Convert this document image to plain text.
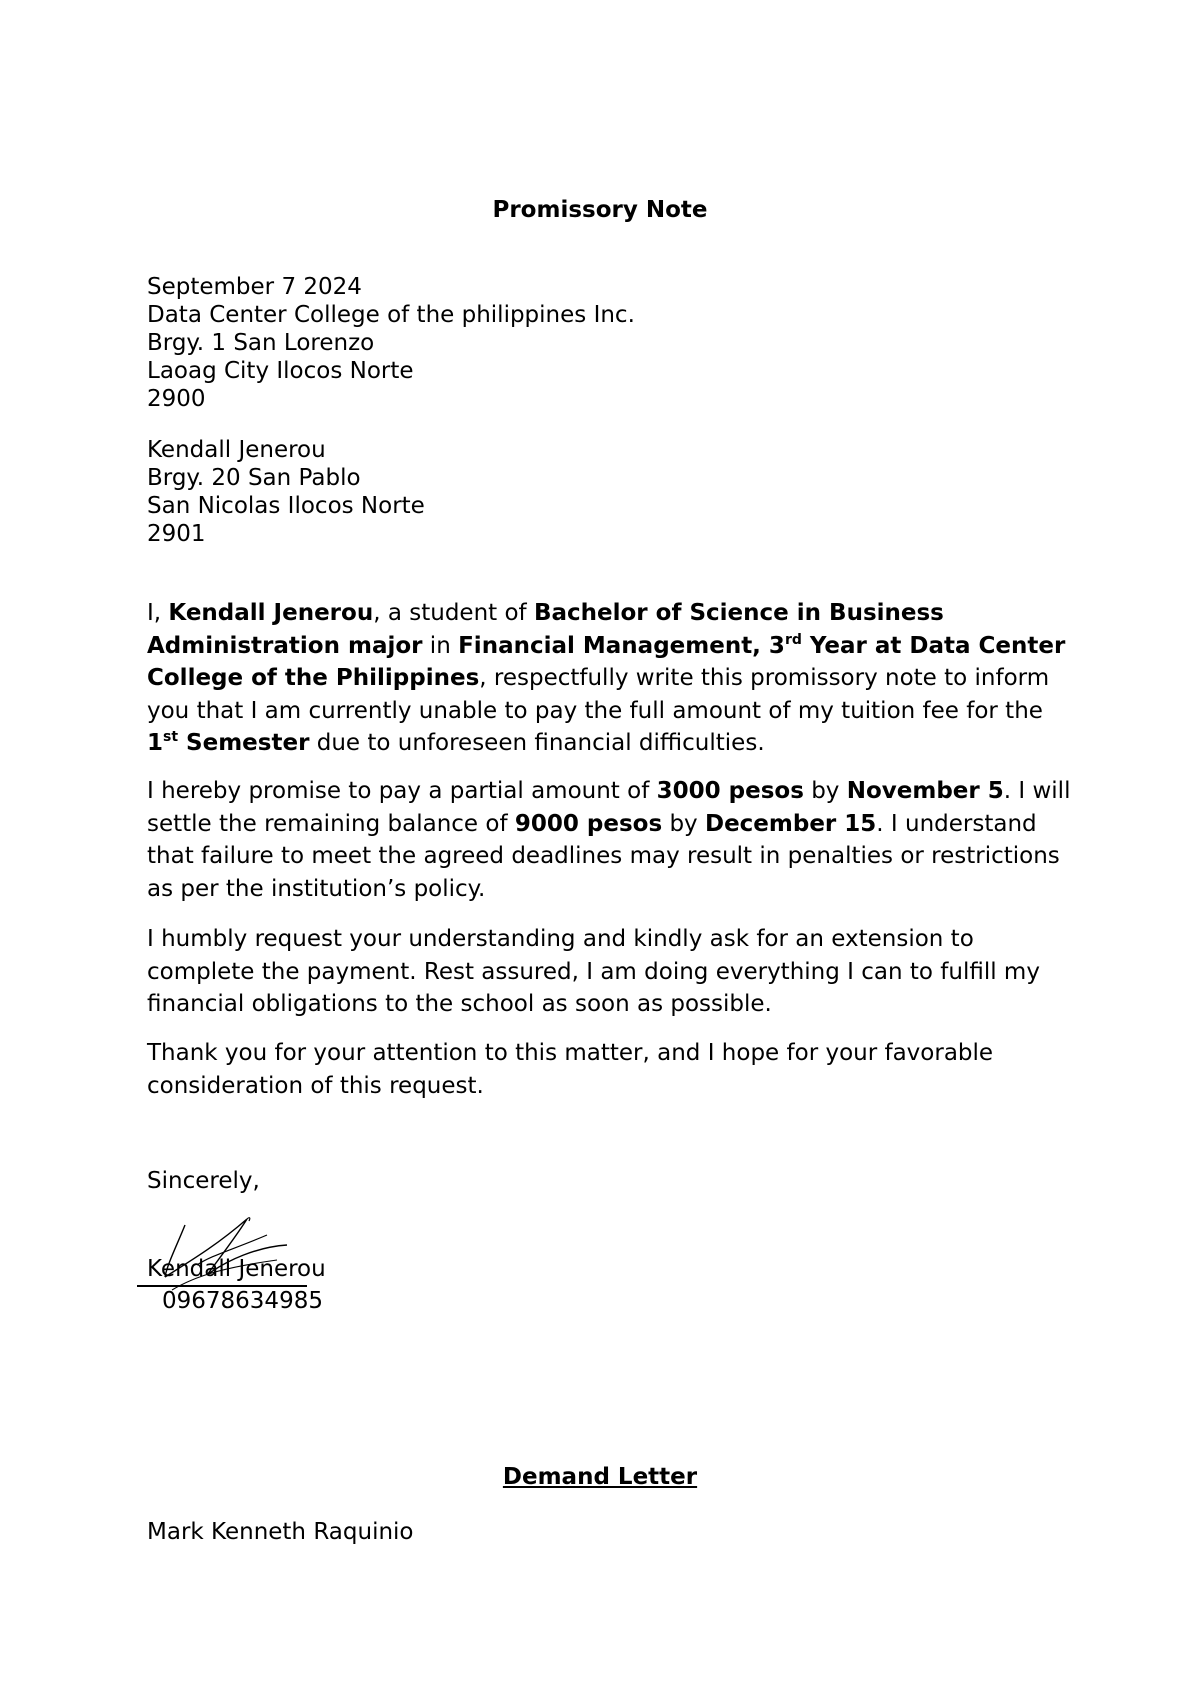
Promissory Note
September 7 2024
Data Center College of the philippines Inc.
Brgy. 1 San Lorenzo
Laoag City Ilocos Norte
2900
Kendall Jenerou
Brgy. 20 San Pablo
San Nicolas Ilocos Norte
2901

I, Kendall Jenerou, a student of Bachelor of Science in Business Administration major in Financial Management, 3rd Year at Data Center College of the Philippines, respectfully write this promissory note to inform you that I am currently unable to pay the full amount of my tuition fee for the 1st Semester due to unforeseen financial difficulties.

I hereby promise to pay a partial amount of 3000 pesos by November 5. I will settle the remaining balance of 9000 pesos by December 15. I understand that failure to meet the agreed deadlines may result in penalties or restrictions as per the institution’s policy.

I humbly request your understanding and kindly ask for an extension to complete the payment. Rest assured, I am doing everything I can to fulfill my financial obligations to the school as soon as possible.

Thank you for your attention to this matter, and I hope for your favorable consideration of this request.

Sincerely,
Kendall Jenerou
09678634985
Demand Letter
Mark Kenneth Raquinio
